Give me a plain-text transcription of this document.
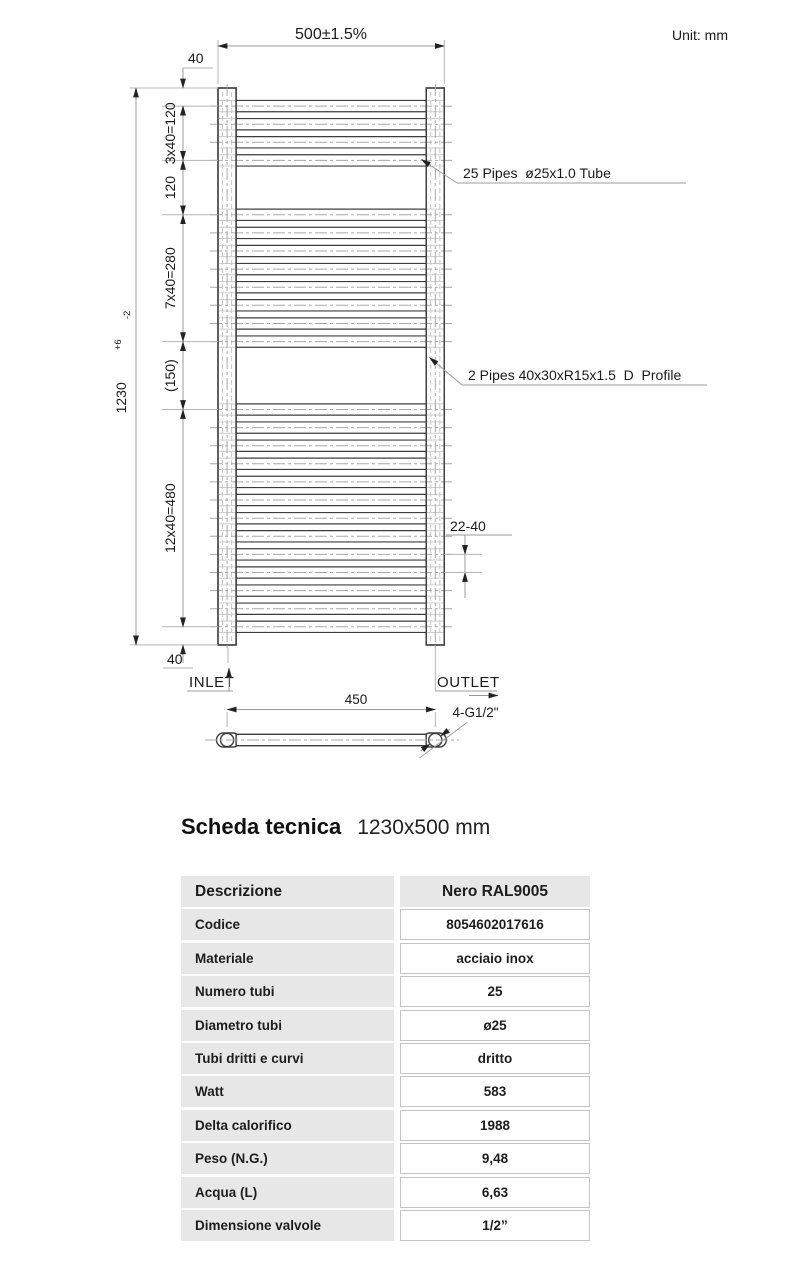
Unit: mm
500±1.5%
40
3x40=120
120
7x40=280
(150)
12x40=480
1230       $^{+6}$       -2
40
25 Pipes  ø25x1.0 Tube
2 Pipes 40x30xR15x1.5  D  Profile
22-40
INLET	OUTLET
450
4-G1/2"
Scheda tecnica 1230x500 mm
Descrizione	Nero RAL9005
Codice	8054602017616
Materiale	acciaio inox
Numero tubi	25
Diametro tubi	ø25
Tubi dritti e curvi	dritto
Watt	583
Delta calorifico	1988
Peso (N.G.)	9,48
Acqua (L)	6,63
Dimensione valvole	1/2”
